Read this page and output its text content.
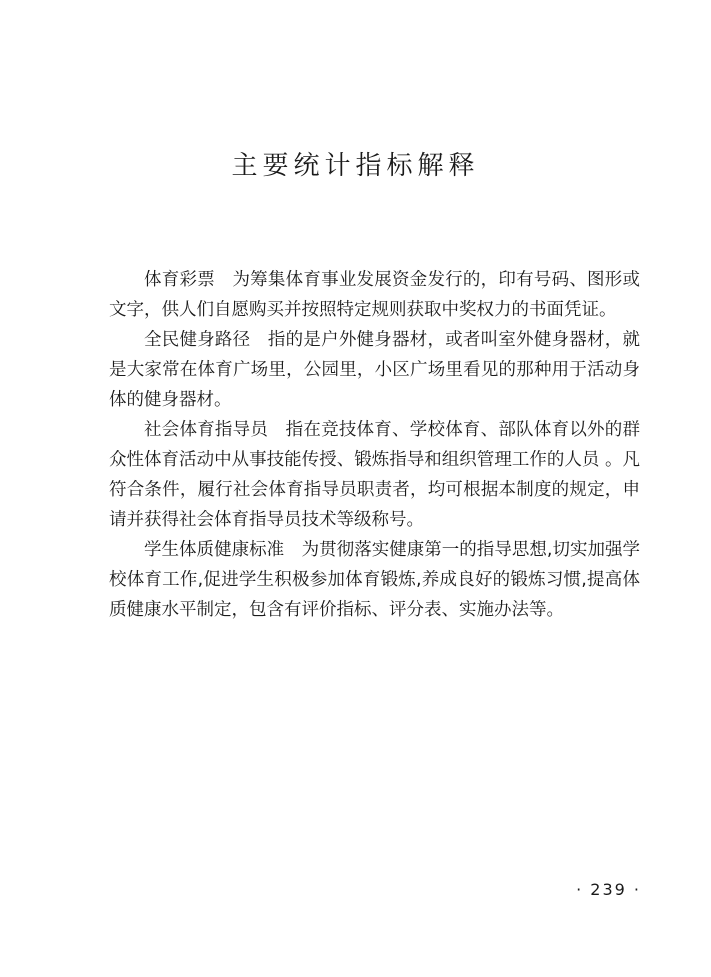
主要统计指标解释

体育彩票 为筹集体育事业发展资金发行的，印有号码、图形或文字，供人们自愿购买并按照特定规则获取中奖权力的书面凭证。

全民健身路径 指的是户外健身器材，或者叫室外健身器材，就是大家常在体育广场里，公园里，小区广场里看见的那种用于活动身体的健身器材。

社会体育指导员 指在竞技体育、学校体育、部队体育以外的群众性体育活动中从事技能传授、锻炼指导和组织管理工作的人员 。凡符合条件，履行社会体育指导员职责者，均可根据本制度的规定，申请并获得社会体育指导员技术等级称号。

学生体质健康标准 为贯彻落实健康第一的指导思想,切实加强学校体育工作,促进学生积极参加体育锻炼,养成良好的锻炼习惯,提高体质健康水平制定，包含有评价指标、评分表、实施办法等。

· 239 ·
